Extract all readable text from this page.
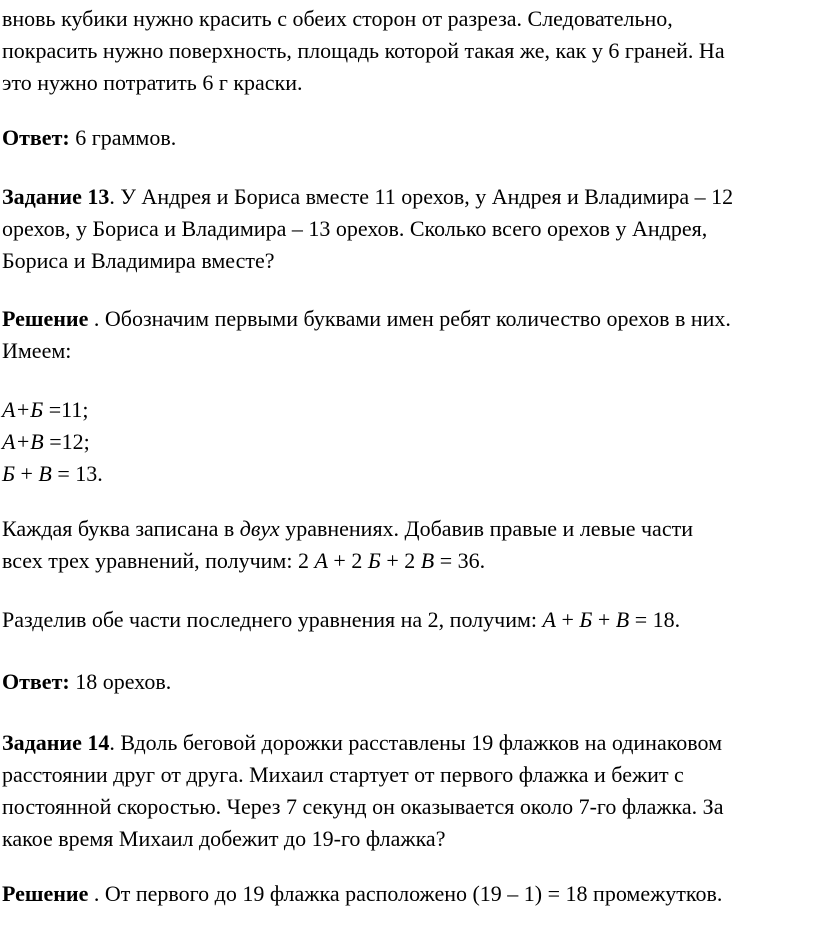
вновь кубики нужно красить с обеих сторон от разреза. Следовательно,
покрасить нужно поверхность, площадь которой такая же, как у 6 граней. На
это нужно потратить 6 г краски.
Ответ: 6 граммов.
Задание 13. У Андрея и Бориса вместе 11 орехов, у Андрея и Владимира – 12
орехов, у Бориса и Владимира – 13 орехов. Сколько всего орехов у Андрея,
Бориса и Владимира вместе?
Решение . Обозначим первыми буквами имен ребят количество орехов в них.
Имеем:
А+Б =11;
А+В =12;
Б + В = 13.
Каждая буква записана в двух уравнениях. Добавив правые и левые части
всех трех уравнений, получим: 2 А + 2 Б + 2 В = 36.
Разделив обе части последнего уравнения на 2, получим: А + Б + В = 18.
Ответ: 18 орехов.
Задание 14. Вдоль беговой дорожки расставлены 19 флажков на одинаковом
расстоянии друг от друга. Михаил стартует от первого флажка и бежит с
постоянной скоростью. Через 7 секунд он оказывается около 7-го флажка. За
какое время Михаил добежит до 19-го флажка?
Решение . От первого до 19 флажка расположено (19 – 1) = 18 промежутков.
